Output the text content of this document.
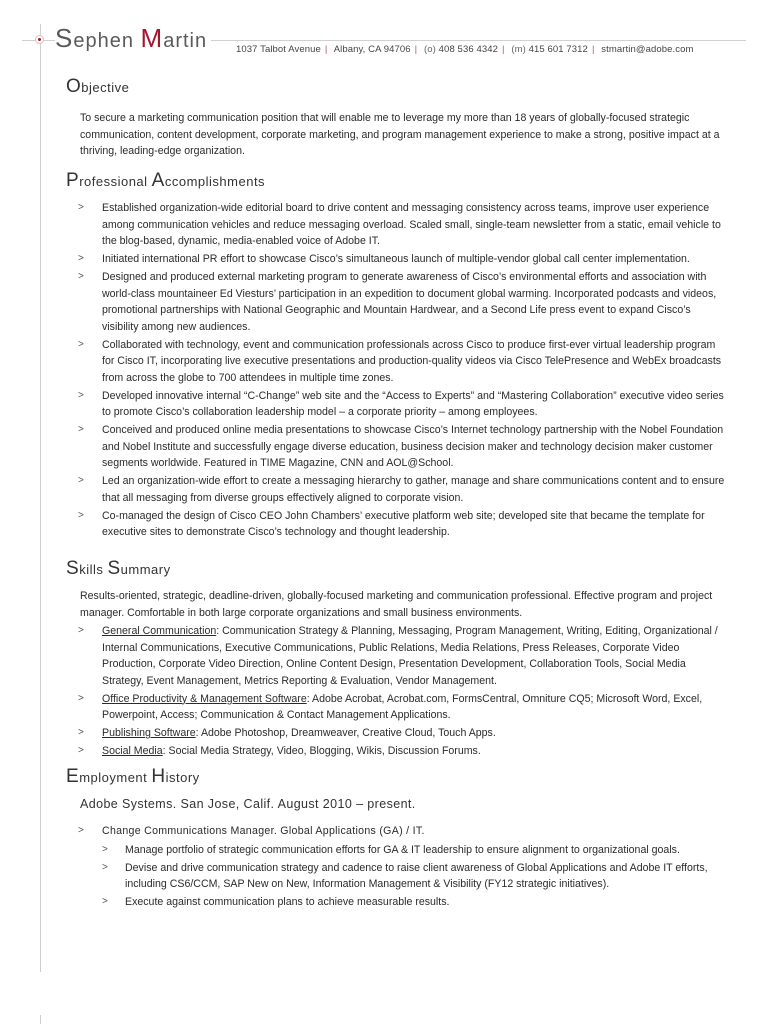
Sephen Martin	1037 Talbot Avenue | Albany, CA 94706 | (o) 408 536 4342 | (m) 415 601 7312 | stmartin@adobe.com
Objective
To secure a marketing communication position that will enable me to leverage my more than 18 years of globally-focused strategic communication, content development, corporate marketing, and program management experience to make a strong, positive impact at a thriving, leading-edge organization.
Professional Accomplishments
> Established organization-wide editorial board to drive content and messaging consistency across teams, improve user experience among communication vehicles and reduce messaging overload. Scaled small, single-team newsletter from a static, email vehicle to the blog-based, dynamic, media-enabled voice of Adobe IT.
> Initiated international PR effort to showcase Cisco’s simultaneous launch of multiple-vendor global call center implementation.
> Designed and produced external marketing program to generate awareness of Cisco’s environmental efforts and association with world-class mountaineer Ed Viesturs’ participation in an expedition to document global warming. Incorporated podcasts and videos, promotional partnerships with National Geographic and Mountain Hardwear, and a Second Life press event to expand Cisco’s visibility among new audiences.
> Collaborated with technology, event and communication professionals across Cisco to produce first-ever virtual leadership program for Cisco IT, incorporating live executive presentations and production-quality videos via Cisco TelePresence and WebEx broadcasts from across the globe to 700 attendees in multiple time zones.
> Developed innovative internal “C-Change” web site and the “Access to Experts” and “Mastering Collaboration” executive video series to promote Cisco’s collaboration leadership model – a corporate priority – among employees.
> Conceived and produced online media presentations to showcase Cisco’s Internet technology partnership with the Nobel Foundation and Nobel Institute and successfully engage diverse education, business decision maker and technology decision maker customer segments worldwide. Featured in TIME Magazine, CNN and AOL@School.
> Led an organization-wide effort to create a messaging hierarchy to gather, manage and share communications content and to ensure that all messaging from diverse groups effectively aligned to corporate vision.
> Co-managed the design of Cisco CEO John Chambers’ executive platform web site; developed site that became the template for executive sites to demonstrate Cisco’s technology and thought leadership.
Skills Summary
Results-oriented, strategic, deadline-driven, globally-focused marketing and communication professional. Effective program and project manager. Comfortable in both large corporate organizations and small business environments.
> General Communication: Communication Strategy & Planning, Messaging, Program Management, Writing, Editing, Organizational / Internal Communications, Executive Communications, Public Relations, Media Relations, Press Releases, Corporate Video Production, Corporate Video Direction, Online Content Design, Presentation Development, Collaboration Tools, Social Media Strategy, Event Management, Metrics Reporting & Evaluation, Vendor Management.
> Office Productivity & Management Software: Adobe Acrobat, Acrobat.com, FormsCentral, Omniture CQ5; Microsoft Word, Excel, Powerpoint, Access; Communication & Contact Management Applications.
> Publishing Software: Adobe Photoshop, Dreamweaver, Creative Cloud, Touch Apps.
> Social Media: Social Media Strategy, Video, Blogging, Wikis, Discussion Forums.
Employment History
Adobe Systems. San Jose, Calif. August 2010 – present.
> Change Communications Manager. Global Applications (GA) / IT.
> Manage portfolio of strategic communication efforts for GA & IT leadership to ensure alignment to organizational goals.
> Devise and drive communication strategy and cadence to raise client awareness of Global Applications and Adobe IT efforts, including CS6/CCM, SAP New on New, Information Management & Visibility (FY12 strategic initiatives).
> Execute against communication plans to achieve measurable results.
